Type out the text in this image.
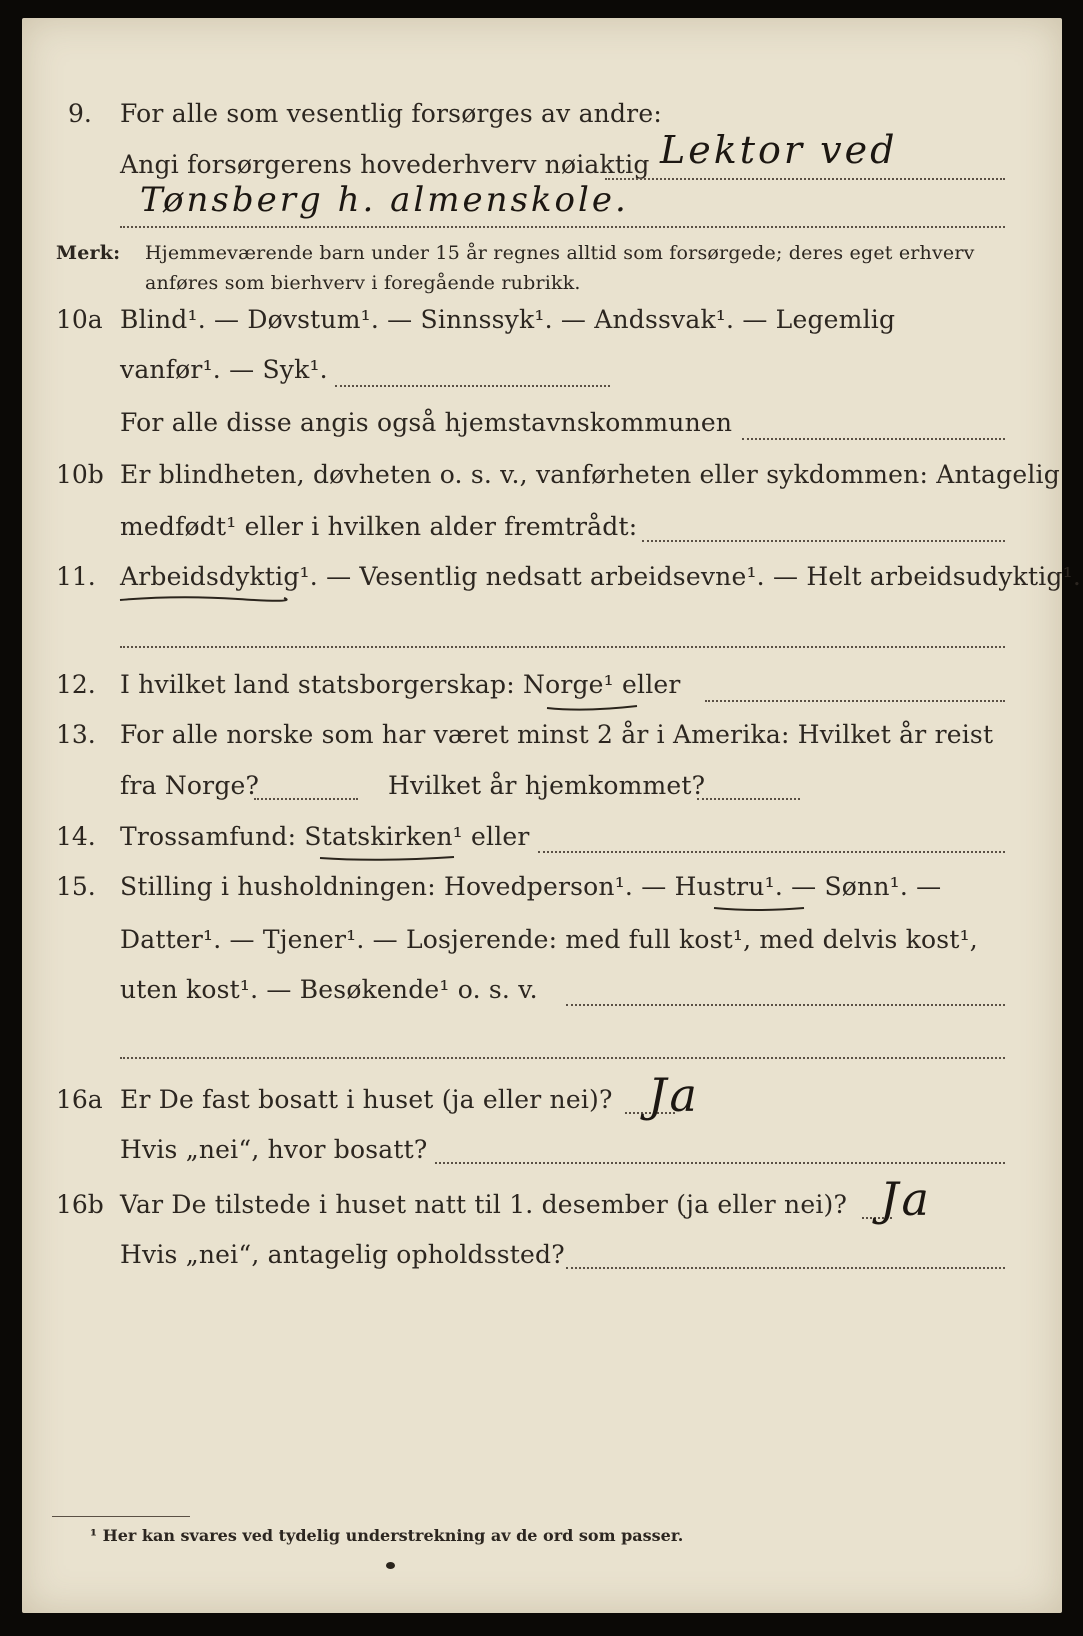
9. For alle som vesentlig forsørges av andre:
Angi forsørgerens hovederhverv nøiaktig Lektor ved
Tønsberg h. almenskole.
Merk: Hjemmeværende barn under 15 år regnes alltid som forsørgede; deres eget erhverv
anføres som bierhverv i foregående rubrikk.
10a Blind¹. — Døvstum¹. — Sinnssyk¹. — Andssvak¹. — Legemlig
vanfør¹. — Syk¹.
For alle disse angis også hjemstavnskommunen
10b Er blindheten, døvheten o. s. v., vanførheten eller sykdommen: Antagelig
medfødt¹ eller i hvilken alder fremtrådt:
11. Arbeidsdyktig¹. — Vesentlig nedsatt arbeidsevne¹. — Helt arbeidsudyktig¹.
12. I hvilket land statsborgerskap: Norge¹ eller
13. For alle norske som har været minst 2 år i Amerika: Hvilket år reist
fra Norge?	Hvilket år hjemkommet?
14. Trossamfund: Statskirken¹ eller
15. Stilling i husholdningen: Hovedperson¹. — Hustru¹. — Sønn¹. —
Datter¹. — Tjener¹. — Losjerende: med full kost¹, med delvis kost¹,
uten kost¹. — Besøkende¹ o. s. v.
16a Er De fast bosatt i huset (ja eller nei)? Ja
Hvis „nei“, hvor bosatt?
16b Var De tilstede i huset natt til 1. desember (ja eller nei)? Ja
Hvis „nei“, antagelig opholdssted?
¹ Her kan svares ved tydelig understrekning av de ord som passer.
